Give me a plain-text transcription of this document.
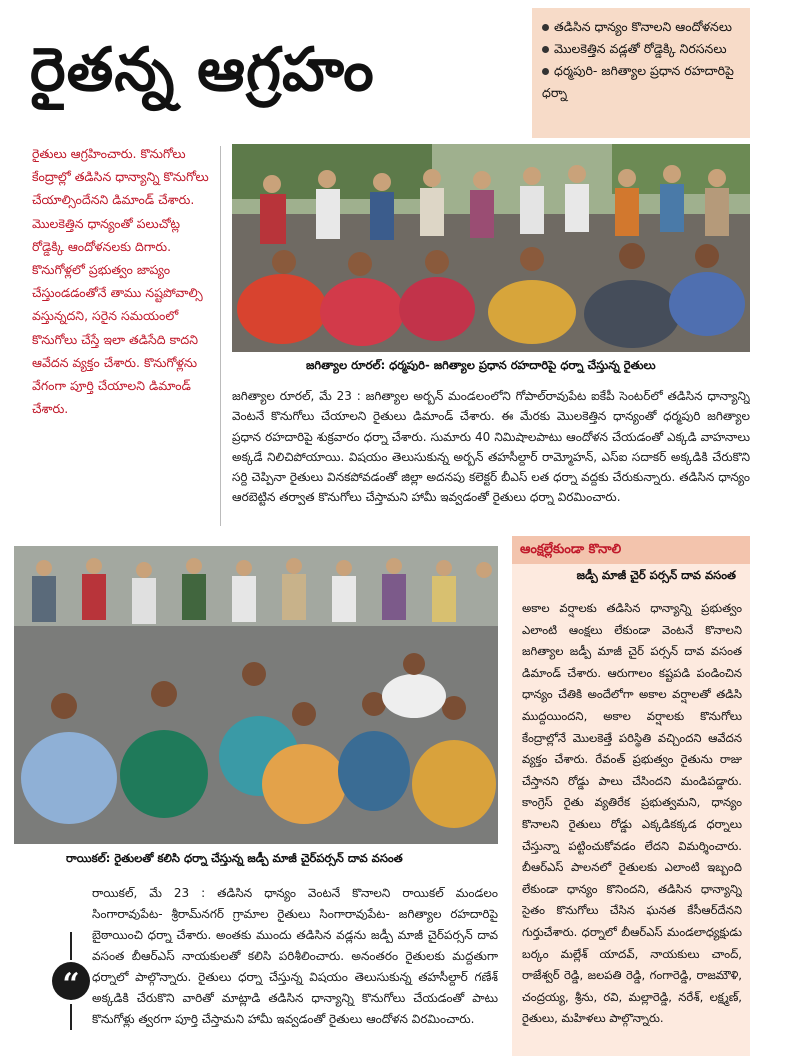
రైతన్న ఆగ్రహం
తడిసిన ధాన్యం కొనాలని ఆందోళనలు
మొలకెత్తిన వడ్లతో రోడ్డెక్కి నిరసనలు
ధర్మపురి- జగిత్యాల ప్రధాన రహదారిపై ధర్నా
రైతులు ఆగ్రహించారు. కొనుగోలు కేంద్రాల్లో తడిసిన ధాన్యాన్ని కొనుగోలు చేయాల్సిందేనని డిమాండ్ చేశారు. మొలకెత్తిన ధాన్యంతో పలుచోట్ల రోడ్డెక్కి ఆందోళనలకు దిగారు. కొనుగోళ్లలో ప్రభుత్వం జాప్యం చేస్తుండడంతోనే తాము నష్టపోవాల్సి వస్తున్నదని, సరైన సమయంలో కొనుగోలు చేస్తే ఇలా తడిసేది కాదని ఆవేదన వ్యక్తం చేశారు. కొనుగోళ్లను వేగంగా పూర్తి చేయాలని డిమాండ్ చేశారు.
జగిత్యాల రూరల్: ధర్మపురి- జగిత్యాల ప్రధాన రహదారిపై ధర్నా చేస్తున్న రైతులు
జగిత్యాల రూరల్, మే 23 : జగిత్యాల అర్బన్ మండలంలోని గోపాల్‌రావుపేట ఐకేపీ సెంటర్‌లో తడిసిన ధాన్యాన్ని వెంటనే కొనుగోలు చేయాలని రైతులు డిమాండ్ చేశారు. ఈ మేరకు మొలకెత్తిన ధాన్యంతో ధర్మపురి జగిత్యాల ప్రధాన రహదారిపై శుక్రవారం ధర్నా చేశారు. సుమారు 40 నిమిషాలపాటు ఆందోళన చేయడంతో ఎక్కడి వాహనాలు అక్కడే నిలిచిపోయాయి. విషయం తెలుసుకున్న అర్బన్ తహసీల్దార్ రామ్మోహన్, ఎస్ఐ సదాకర్ అక్కడికి చేరుకొని సర్ది చెప్పినా రైతులు వినకపోవడంతో జిల్లా అదనపు కలెక్టర్ బీఎస్ లత ధర్నా వద్దకు చేరుకున్నారు. తడిసిన ధాన్యం ఆరబెట్టిన తర్వాత కొనుగోలు చేస్తామని హామీ ఇవ్వడంతో రైతులు ధర్నా విరమించారు.
రాయికల్: రైతులతో కలిసి ధర్నా చేస్తున్న జడ్పీ మాజీ చైర్‌పర్సన్ దావ వసంత
“
రాయికల్, మే 23 : తడిసిన ధాన్యం వెంటనే కొనాలని రాయికల్ మండలం సింగారావుపేట- శ్రీరామ్‌నగర్ గ్రామాల రైతులు సింగారావుపేట- జగిత్యాల రహదారిపై బైఠాయించి ధర్నా చేశారు. అంతకు ముందు తడిసిన వడ్లను జడ్పీ మాజీ చైర్‌పర్సన్ దావ వసంత బీఆర్ఎస్ నాయకులతో కలిసి పరిశీలించారు. అనంతరం రైతులకు మద్దతుగా ధర్నాలో పాల్గొన్నారు. రైతులు ధర్నా చేస్తున్న విషయం తెలుసుకున్న తహసీల్దార్ గణేశ్ అక్కడికి చేరుకొని వారితో మాట్లాడి తడిసిన ధాన్యాన్ని కొనుగోలు చేయడంతో పాటు కొనుగోళ్లు త్వరగా పూర్తి చేస్తామని హామీ ఇవ్వడంతో రైతులు ఆందోళన విరమించారు.
ఆంక్షల్లేకుండా కొనాలి
జడ్పీ మాజీ చైర్ పర్సన్ దావ వసంత
అకాల వర్షాలకు తడిసిన ధాన్యాన్ని ప్రభుత్వం ఎలాంటి ఆంక్షలు లేకుండా వెంటనే కొనాలని జగిత్యాల జడ్పీ మాజీ చైర్ పర్సన్ దావ వసంత డిమాండ్ చేశారు. ఆరుగాలం కష్టపడి పండించిన ధాన్యం చేతికి అందేలోగా అకాల వర్షాలతో తడిసి ముద్దయిందని, అకాల వర్షాలకు కొనుగోలు కేంద్రాల్లోనే మొలకెత్తే పరిస్థితి వచ్చిందని ఆవేదన వ్యక్తం చేశారు. రేవంత్ ప్రభుత్వం రైతును రాజు చేస్తానని రోడ్డు పాలు చేసిందని మండిపడ్డారు. కాంగ్రెస్ రైతు వ్యతిరేక ప్రభుత్వమని, ధాన్యం కొనాలని రైతులు రోడ్డు ఎక్కడికక్కడ ధర్నాలు చేస్తున్నా పట్టించుకోవడం లేదని విమర్శించారు. బీఆర్ఎస్ పాలనలో రైతులకు ఎలాంటి ఇబ్బంది లేకుండా ధాన్యం కొనిందని, తడిసిన ధాన్యాన్ని సైతం కొనుగోలు చేసిన ఘనత కేసీఆర్‌దేనని గుర్తుచేశారు. ధర్నాలో బీఆర్ఎస్ మండలాధ్యక్షుడు బర్కం మల్లేశ్ యాదవ్, నాయకులు చాంద్, రాజేశ్వర్ రెడ్డి, జలపతి రెడ్డి, గంగారెడ్డి, రాజమౌళి, చంద్రయ్య, శ్రీను, రవి, మల్లారెడ్డి, నరేశ్, లక్ష్మణ్, రైతులు, మహిళలు పాల్గొన్నారు.
